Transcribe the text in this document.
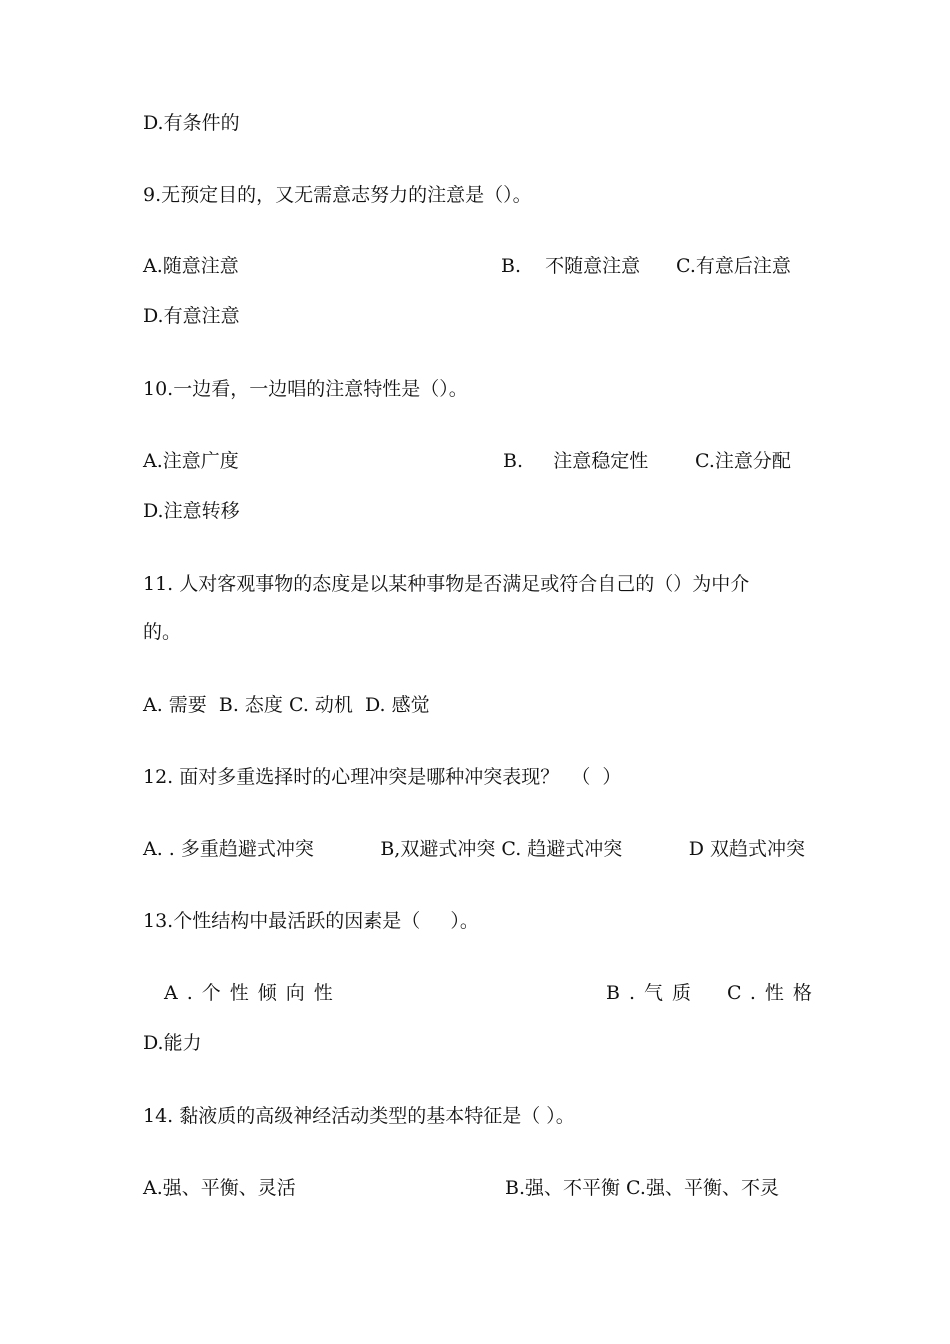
D.有条件的
9.无预定目的，又无需意志努力的注意是（）。
A.随意注意	B.    不随意注意 C.有意后注意
D.有意注意
10.一边看，一边唱的注意特性是（）。
A.注意广度	B.     注意稳定性 C.注意分配
D.注意转移
11. 人对客观事物的态度是以某种事物是否满足或符合自己的（）为中介
的。
A. 需要  B. 态度 C. 动机  D. 感觉
12. 面对多重选择时的心理冲突是哪种冲突表现？  （  ）
A. . 多重趋避式冲突	B,双避式冲突 C. 趋避式冲突	D 双趋式冲突
13.个性结构中最活跃的因素是（     ）。
A.个性倾向性	B.气质 C.性格
D.能力
14. 黏液质的高级神经活动类型的基本特征是（ ）。
A.强、平衡、灵活	B.强、不平衡 C.强、平衡、不灵
